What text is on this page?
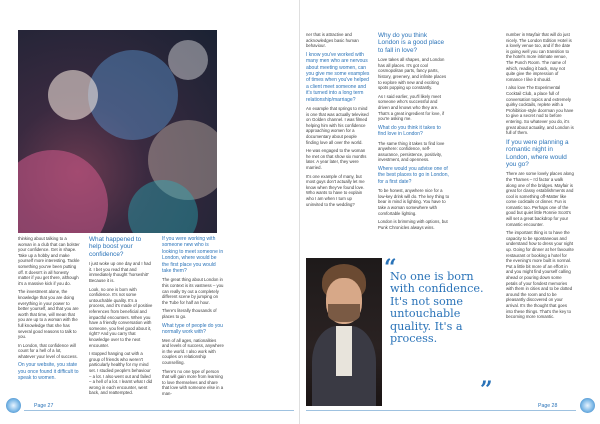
thinking about talking to a woman in a club that can bolster your confidence. Get in shape. Take up a hobby and make yourself more interesting. Tackle something you've been putting off. It doesn't in all honesty matter if you get there, although it's a massive kick if you do.

The investment alone, the knowledge that you are doing everything in your power to better yourself, and that you are worth that time, will mean that you are up to a woman with the full knowledge that she has several good reasons to talk to you.

In London, that confidence will count for a hell of a lot, whatever your level of success.

On your website, you state you once found it difficult to speak to women.

What happened to help boost your confidence?

I just woke up one day and I had it. I bet you read that and immediately thought 'horseshit!' Because it is.

Look, no one is born with confidence. It's not some untouchable quality. It's a process, and it's made of positive references from beneficial and impactful encounters. When you have a friendly conversation with someone, you feel good about it, right? And you carry that knowledge over to the next encounter.

I stopped hanging out with a group of friends who weren't particularly healthy for my mind set. I studied people's behaviour – a lot. I also went out and failed – a hell of a lot. I learnt what I did wrong in each encounter, went back, and reattempted.

If you were working with someone new who is looking to meet someone in London, where would be the first place you would take them?

The great thing about London in this context is its vastness – you can really try out a completely different scene by jumping on the Tube for half an hour.

There's literally thousands of places to go.

What type of people do you normally work with?

Men of all ages, nationalities and levels of success, anywhere in the world. I also work with couples on relationship counselling.

There's no one type of person that will gain more from learning to love themselves and share that love with someone else in a man-

Page 27

ner that is attractive and acknowledges basic human behaviour.

I know you've worked with many men who are nervous about meeting women, can you give me some examples of times when you've helped a client meet someone and it's turned into a long term relationship/marriage?

An example that springs to mind is one that was actually televised on Golden channel. I was filmed helping him with his confidence approaching women for a documentary about people finding love all over the world.

He was engaged to the woman he met on that show six months later. A year later, they were married.

It's one example of many, but most guys don't actually let me know when they've found love. Who wants to have to explain who I am when I turn up uninvited to the wedding?

Why do you think London is a good place to fall in love?

Love takes all shapes, and London has all places. It's got cool cosmopolitan parts, fancy parts, history, greenery, and infinite places to explore with new and exciting spots popping up constantly.

As I said earlier, you'll likely meet someone who's successful and driven and knows who they are. That's a great ingredient for love, if you're asking me.

What do you think it takes to find love in London?

The same thing it takes to find love anywhere: confidence, self-assurance, persistence, positivity, investment, and openness.

Where would you advise one of the best places to go in London, for a first date?

To be honest, anywhere nice for a low-key drink will do. The key thing to bear in mind is lighting. You have to take a woman somewhere with comfortable lighting.

London is brimming with options, but Punk Chronicles always wins.

number in Mayfair that will do just nicely. The London Edition Hotel is a lovely venue too, and if the date is going well you can transition to the hotel's more intimate venue, The Punch Room. The name of which, reading it back, may not quite give the impression of romance I like it should.

I also love The Experimental Cocktail Club, a place full of conversation topics and extremely quirky cocktails, replete with a Prohibition-style doorman you have to give a secret nod to before entering. So whatever you do, it's great about actuality, and London is full of them.

If you were planning a romantic night in London, where would you go?

There are some lovely places along the Thames – I'd factor a walk along one of the bridges. Mayfair is great for classy establishments and cool is something off-Matter like come cocktails or dinner. Fun is romantic too. Perhaps one of the good but quiet little Ronnie Scott's will set a great backdrop for your romantic encounter.

The important thing is to have the capacity to be spontaneous and understand how to dress your night up. Going for dinner at her favourite restaurant or booking a hotel for the evening's more built is normal. Put a little bit more of an effort in and you might find yourself calling ahead or pouring down some petals of your fondest memories with them in cities and to be dotted around the room and to be pleasantly discovered on your arrival. It's the thought that goes into these things. That's the key to becoming more romantic.

Page 28
“
No one is born with confidence. It's not some untouchable quality. It's a process.
”
